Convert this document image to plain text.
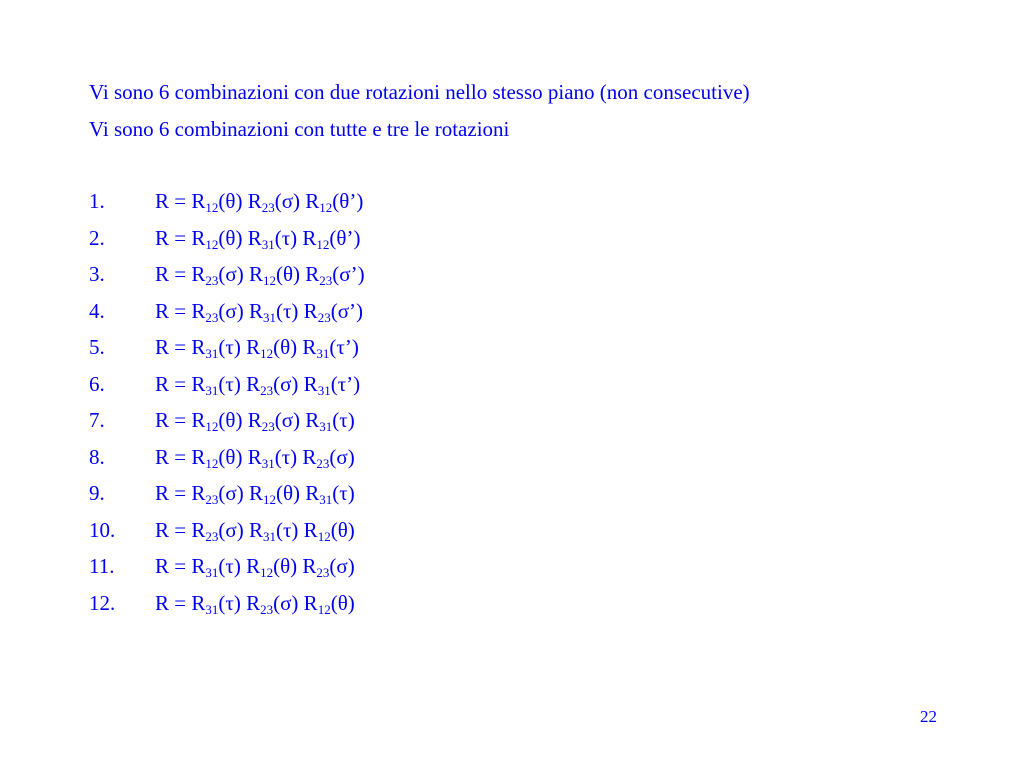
Vi sono 6 combinazioni con due rotazioni nello stesso piano (non consecutive)

Vi sono 6 combinazioni con tutte e tre le rotazioni

1.	$R = R_{12}(\theta)$ $R_{23}(\sigma)$ $R_{12}(\theta’)$
2.	$R = R_{12}(\theta)$ $R_{31}(\tau)$ $R_{12}(\theta’)$
3.	$R = R_{23}(\sigma)$ $R_{12}(\theta)$ $R_{23}(\sigma’)$
4.	$R = R_{23}(\sigma)$ $R_{31}(\tau)$ $R_{23}(\sigma’)$
5.	$R = R_{31}(\tau)$ $R_{12}(\theta)$ $R_{31}(\tau’)$
6.	$R = R_{31}(\tau)$ $R_{23}(\sigma)$ $R_{31}(\tau’)$
7.	$R = R_{12}(\theta)$ $R_{23}(\sigma)$ $R_{31}(\tau)$
8.	$R = R_{12}(\theta)$ $R_{31}(\tau)$ $R_{23}(\sigma)$
9.	$R = R_{23}(\sigma)$ $R_{12}(\theta)$ $R_{31}(\tau)$
10.	$R = R_{23}(\sigma)$ $R_{31}(\tau)$ $R_{12}(\theta)$
11.	$R = R_{31}(\tau)$ $R_{12}(\theta)$ $R_{23}(\sigma)$
12.	$R = R_{31}(\tau)$ $R_{23}(\sigma)$ $R_{12}(\theta)$
22
